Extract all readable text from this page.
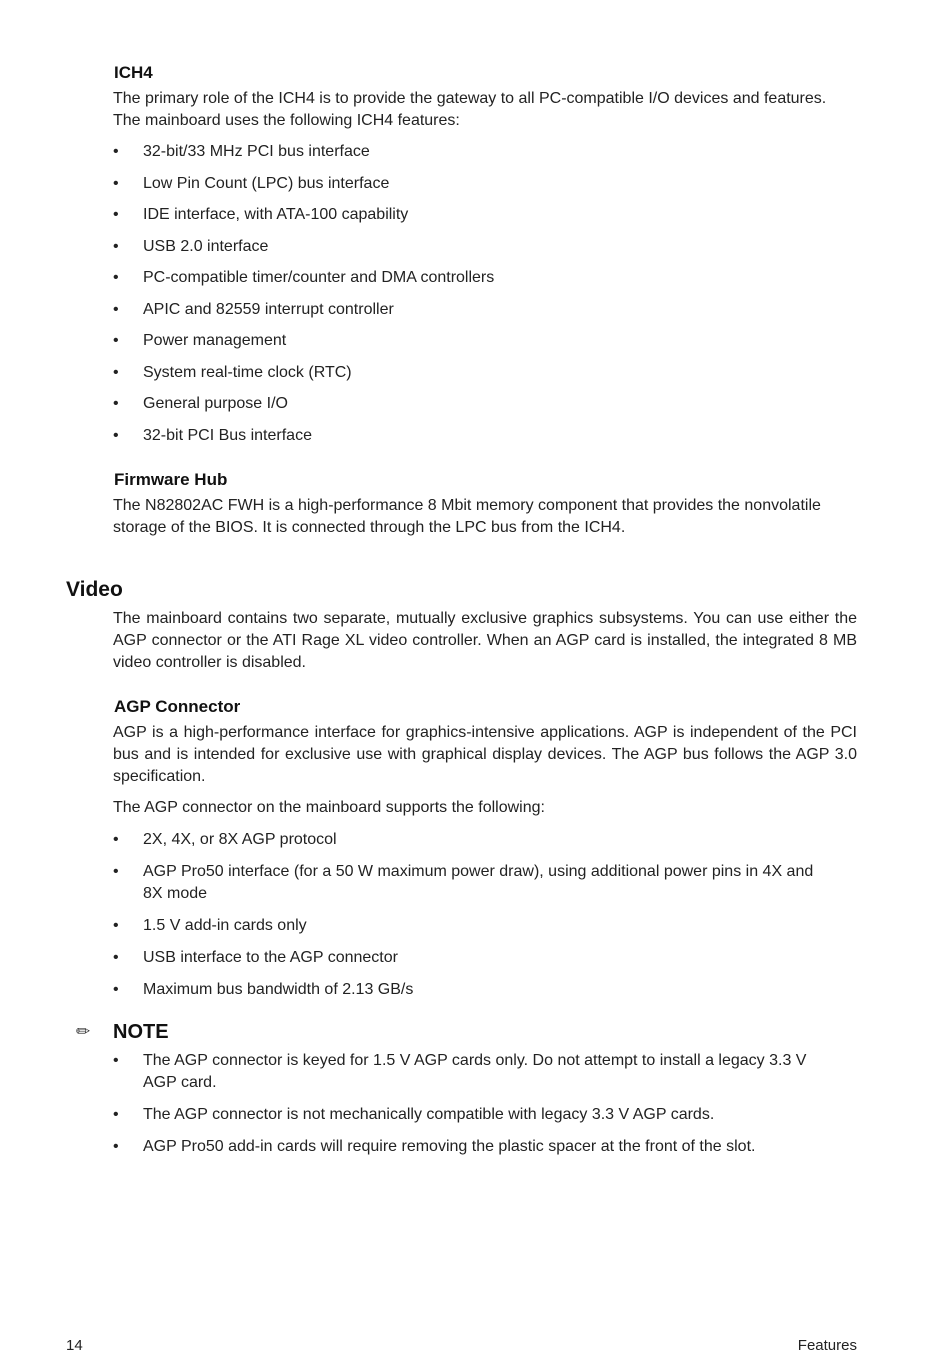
ICH4

The primary role of the ICH4 is to provide the gateway to all PC-compatible I/O devices and features.

The mainboard uses the following ICH4 features:

• 32-bit/33 MHz PCI bus interface
• Low Pin Count (LPC) bus interface
• IDE interface, with ATA-100 capability
• USB 2.0 interface
• PC-compatible timer/counter and DMA controllers
• APIC and 82559 interrupt controller
• Power management
• System real-time clock (RTC)
• General purpose I/O
• 32-bit PCI Bus interface
Firmware Hub

The N82802AC FWH is a high-performance 8 Mbit memory component that provides the nonvolatile storage of the BIOS. It is connected through the LPC bus from the ICH4.

Video

The mainboard contains two separate, mutually exclusive graphics subsystems. You can use either the AGP connector or the ATI Rage XL video controller. When an AGP card is installed, the integrated 8 MB video controller is disabled.

AGP Connector

AGP is a high-performance interface for graphics-intensive applications. AGP is independent of the PCI bus and is intended for exclusive use with graphical display devices. The AGP bus follows the AGP 3.0 specification.

The AGP connector on the mainboard supports the following:

• 2X, 4X, or 8X AGP protocol
• AGP Pro50 interface (for a 50 W maximum power draw), using additional power pins in 4X and 8X mode
• 1.5 V add-in cards only
• USB interface to the AGP connector
• Maximum bus bandwidth of 2.13 GB/s
✏ NOTE
• The AGP connector is keyed for 1.5 V AGP cards only. Do not attempt to install a legacy 3.3 V AGP card.
• The AGP connector is not mechanically compatible with legacy 3.3 V AGP cards.
• AGP Pro50 add-in cards will require removing the plastic spacer at the front of the slot.
14	Features
